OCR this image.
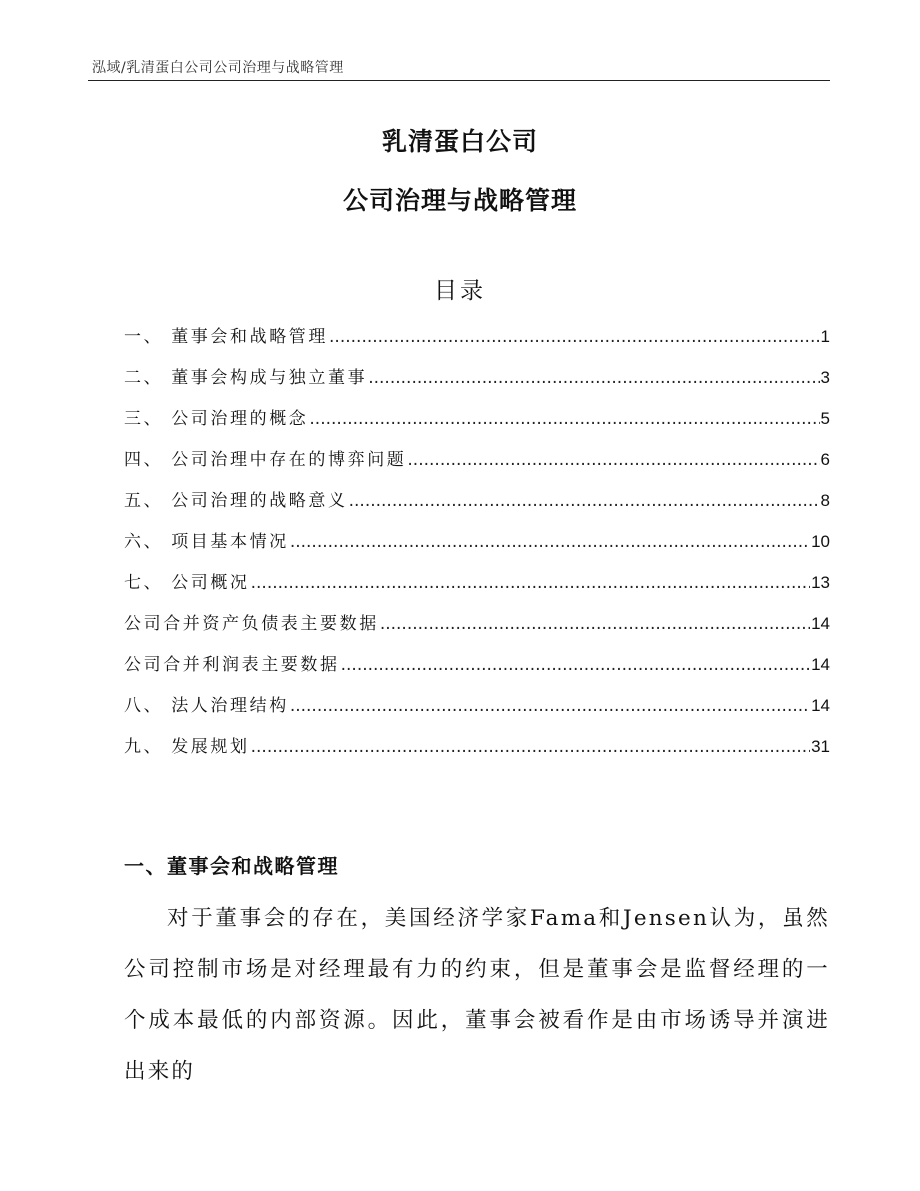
泓域/乳清蛋白公司公司治理与战略管理
乳清蛋白公司
公司治理与战略管理
目录
一、 董事会和战略管理 .....	1
二、 董事会构成与独立董事 .....	3
三、 公司治理的概念 .....	5
四、 公司治理中存在的博弈问题 .....	6
五、 公司治理的战略意义 .....	8
六、 项目基本情况 .....	10
七、 公司概况 .....	13
公司合并资产负债表主要数据 .....	14
公司合并利润表主要数据 .....	14
八、 法人治理结构 .....	14
九、 发展规划 .....	31
一、董事会和战略管理

对于董事会的存在，美国经济学家Fama和Jensen认为，虽然公司控制市场是对经理最有力的约束，但是董事会是监督经理的一个成本最低的内部资源。因此，董事会被看作是由市场诱导并演进出来的
